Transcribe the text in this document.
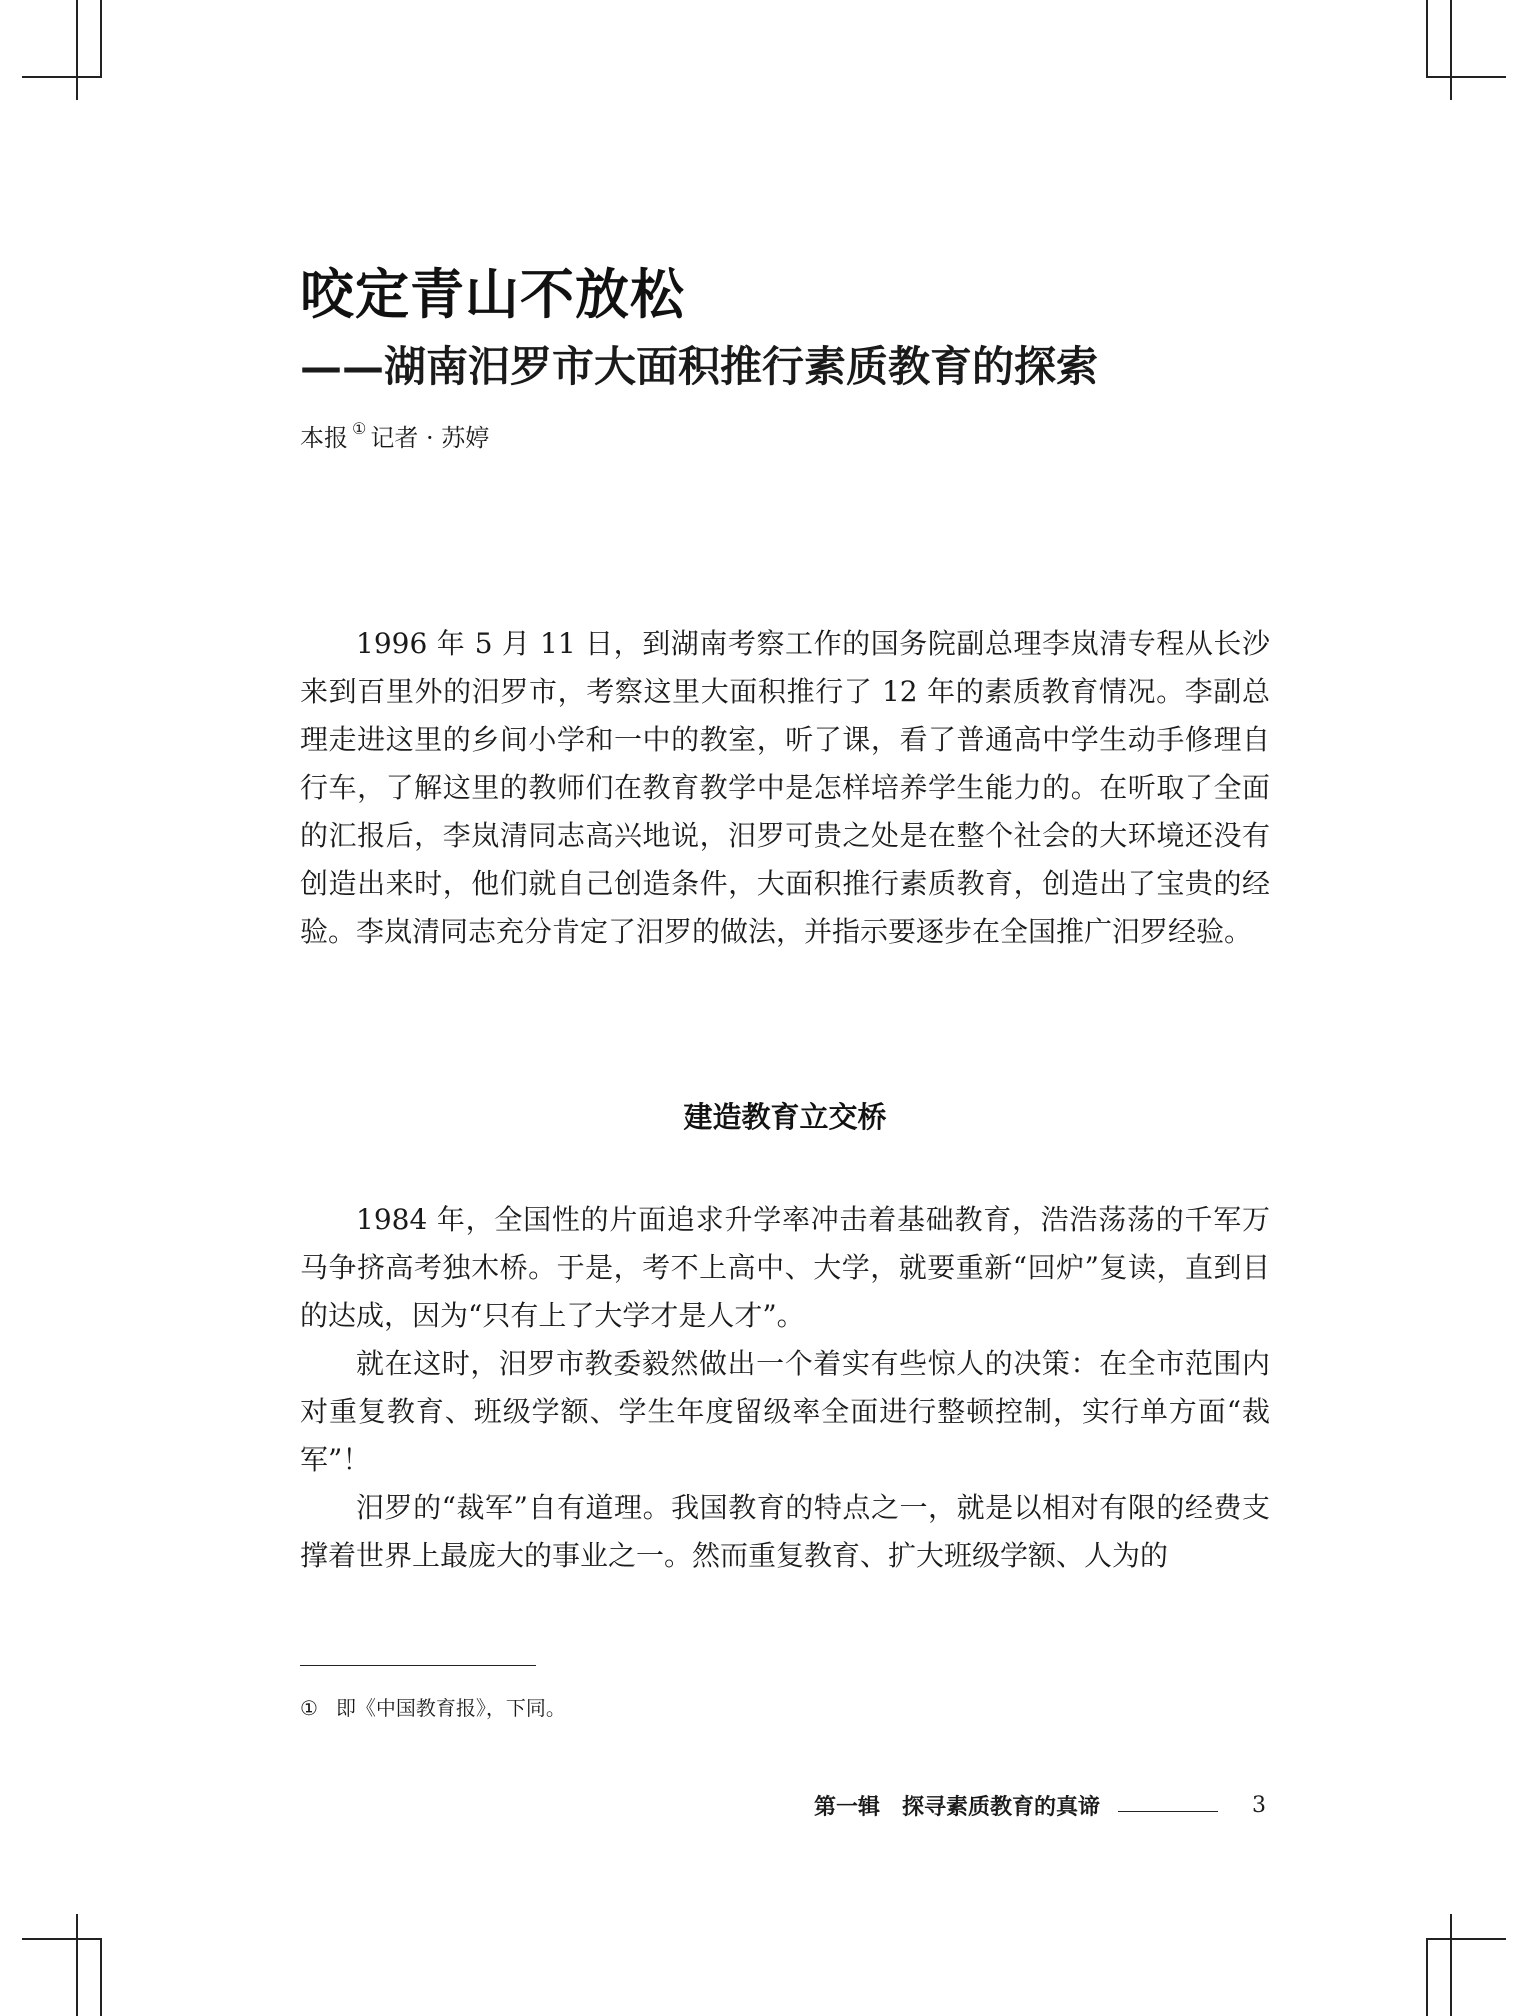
咬定青山不放松
——湖南汨罗市大面积推行素质教育的探索
本报 ① 记者 · 苏婷

1996 年 5 月 11 日，到湖南考察工作的国务院副总理李岚清专程从长沙来到百里外的汨罗市，考察这里大面积推行了 12 年的素质教育情况。李副总理走进这里的乡间小学和一中的教室，听了课，看了普通高中学生动手修理自行车，了解这里的教师们在教育教学中是怎样培养学生能力的。在听取了全面的汇报后，李岚清同志高兴地说，汨罗可贵之处是在整个社会的大环境还没有创造出来时，他们就自己创造条件，大面积推行素质教育，创造出了宝贵的经验。李岚清同志充分肯定了汨罗的做法，并指示要逐步在全国推广汨罗经验。

建造教育立交桥

1984 年，全国性的片面追求升学率冲击着基础教育，浩浩荡荡的千军万马争挤高考独木桥。于是，考不上高中、大学，就要重新“回炉”复读，直到目的达成，因为“只有上了大学才是人才”。

就在这时，汨罗市教委毅然做出一个着实有些惊人的决策：在全市范围内对重复教育、班级学额、学生年度留级率全面进行整顿控制，实行单方面“裁军”！

汨罗的“裁军”自有道理。我国教育的特点之一，就是以相对有限的经费支撑着世界上最庞大的事业之一。然而重复教育、扩大班级学额、人为的

① 即《中国教育报》，下同。
第一辑　探寻素质教育的真谛	3
